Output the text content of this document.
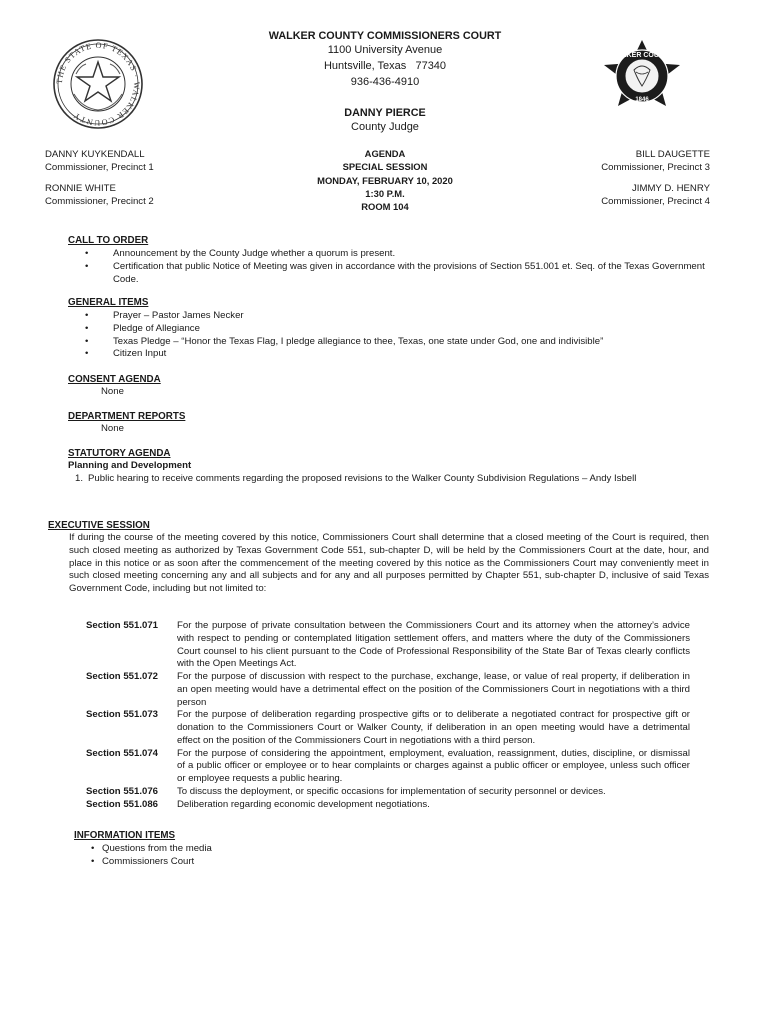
THE STATE OF TEXAS · WALKER COUNTY
WALKER COUNTY
1846
WALKER COUNTY COMMISSIONERS COURT
1100 University Avenue
Huntsville, Texas   77340
936-436-4910
DANNY PIERCE
County Judge
DANNY KUYKENDALL
Commissioner, Precinct 1
RONNIE WHITE
Commissioner, Precinct 2
BILL DAUGETTE
Commissioner, Precinct 3
JIMMY D. HENRY
Commissioner, Precinct 4
AGENDA
SPECIAL SESSION
MONDAY, FEBRUARY 10, 2020
1:30 P.M.
ROOM 104
CALL TO ORDER
• Announcement by the County Judge whether a quorum is present.
• Certification that public Notice of Meeting was given in accordance with the provisions of Section 551.001 et. Seq. of the Texas Government Code.
GENERAL ITEMS
• Prayer – Pastor James Necker
• Pledge of Allegiance
• Texas Pledge – “Honor the Texas Flag, I pledge allegiance to thee, Texas, one state under God, one and indivisible”
• Citizen Input
CONSENT AGENDA
None
DEPARTMENT REPORTS
None
STATUTORY AGENDA
Planning and Development
1. Public hearing to receive comments regarding the proposed revisions to the Walker County Subdivision Regulations – Andy Isbell
EXECUTIVE SESSION
If during the course of the meeting covered by this notice, Commissioners Court shall determine that a closed meeting of the Court is required, then such closed meeting as authorized by Texas Government Code 551, sub-chapter D, will be held by the Commissioners Court at the date, hour, and place in this notice or as soon after the commencement of the meeting covered by this notice as the Commissioners Court may conveniently meet in such closed meeting concerning any and all subjects and for any and all purposes permitted by Chapter 551, sub-chapter D, inclusive of said Texas Government Code, including but not limited to:
Section 551.071	For the purpose of private consultation between the Commissioners Court and its attorney when the attorney’s advice with respect to pending or contemplated litigation settlement offers, and matters where the duty of the Commissioners Court counsel to his client pursuant to the Code of Professional Responsibility of the State Bar of Texas clearly conflicts with the Open Meetings Act.
Section 551.072	For the purpose of discussion with respect to the purchase, exchange, lease, or value of real property, if deliberation in an open meeting would have a detrimental effect on the position of the Commissioners Court in negotiations with a third person
Section 551.073	For the purpose of deliberation regarding prospective gifts or to deliberate a negotiated contract for prospective gift or donation to the Commissioners Court or Walker County, if deliberation in an open meeting would have a detrimental effect on the position of the Commissioners Court in negotiations with a third person.
Section 551.074	For the purpose of considering the appointment, employment, evaluation, reassignment, duties, discipline, or dismissal of a public officer or employee or to hear complaints or charges against a public officer or employee, unless such officer or employee requests a public hearing.
Section 551.076	To discuss the deployment, or specific occasions for implementation of security personnel or devices.
Section 551.086	Deliberation regarding economic development negotiations.
INFORMATION ITEMS
• Questions from the media
• Commissioners Court
